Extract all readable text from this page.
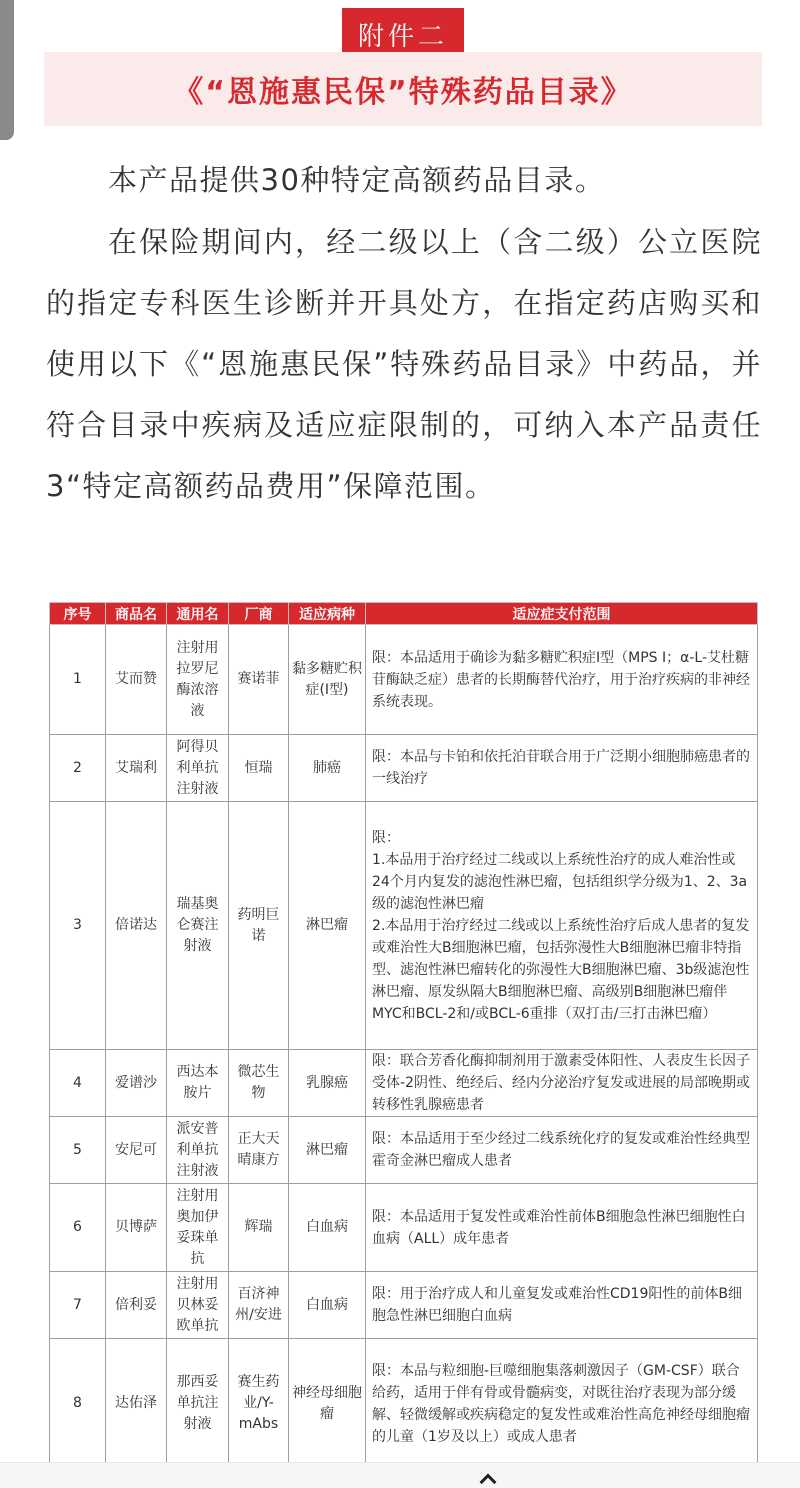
附件二
《“恩施惠民保”特殊药品目录》

本产品提供30种特定高额药品目录。

在保险期间内，经二级以上（含二级）公立医院的指定专科医生诊断并开具处方，在指定药店购买和使用以下《“恩施惠民保”特殊药品目录》中药品，并符合目录中疾病及适应症限制的，可纳入本产品责任3“特定高额药品费用”保障范围。

序号	商品名	通用名	厂商	适应病种	适应症支付范围
1	艾而赞	注射用拉罗尼酶浓溶液	赛诺菲	黏多糖贮积症(I型)	限：本品适用于确诊为黏多糖贮积症I型（MPS I；α-L-艾杜糖苷酶缺乏症）患者的长期酶替代治疗，用于治疗疾病的非神经系统表现。
2	艾瑞利	阿得贝利单抗注射液	恒瑞	肺癌	限：本品与卡铂和依托泊苷联合用于广泛期小细胞肺癌患者的一线治疗
3	倍诺达	瑞基奥仑赛注射液	药明巨诺	淋巴瘤	限：
1.本品用于治疗经过二线或以上系统性治疗的成人难治性或24个月内复发的滤泡性淋巴瘤，包括组织学分级为1、2、3a级的滤泡性淋巴瘤
2.本品用于治疗经过二线或以上系统性治疗后成人患者的复发或难治性大B细胞淋巴瘤，包括弥漫性大B细胞淋巴瘤非特指型、滤泡性淋巴瘤转化的弥漫性大B细胞淋巴瘤、3b级滤泡性淋巴瘤、原发纵隔大B细胞淋巴瘤、高级别B细胞淋巴瘤伴MYC和BCL-2和/或BCL-6重排（双打击/三打击淋巴瘤）

4	爱谱沙	西达本胺片	微芯生物	乳腺癌	限：联合芳香化酶抑制剂用于激素受体阳性、人表皮生长因子受体-2阴性、绝经后、经内分泌治疗复发或进展的局部晚期或转移性乳腺癌患者
5	安尼可	派安普利单抗注射液	正大天晴康方	淋巴瘤	限：本品适用于至少经过二线系统化疗的复发或难治性经典型霍奇金淋巴瘤成人患者
6	贝博萨	注射用奥加伊妥珠单抗	辉瑞	白血病	限：本品适用于复发性或难治性前体B细胞急性淋巴细胞性白血病（ALL）成年患者
7	倍利妥	注射用贝林妥欧单抗	百济神州/安进	白血病	限：用于治疗成人和儿童复发或难治性CD19阳性的前体B细胞急性淋巴细胞白血病
8	达佑泽	那西妥单抗注射液	赛生药业/Y-mAbs	神经母细胞瘤	限：本品与粒细胞-巨噬细胞集落刺激因子（GM-CSF）联合给药，适用于伴有骨或骨髓病变，对既往治疗表现为部分缓解、轻微缓解或疾病稳定的复发性或难治性高危神经母细胞瘤的儿童（1岁及以上）或成人患者
